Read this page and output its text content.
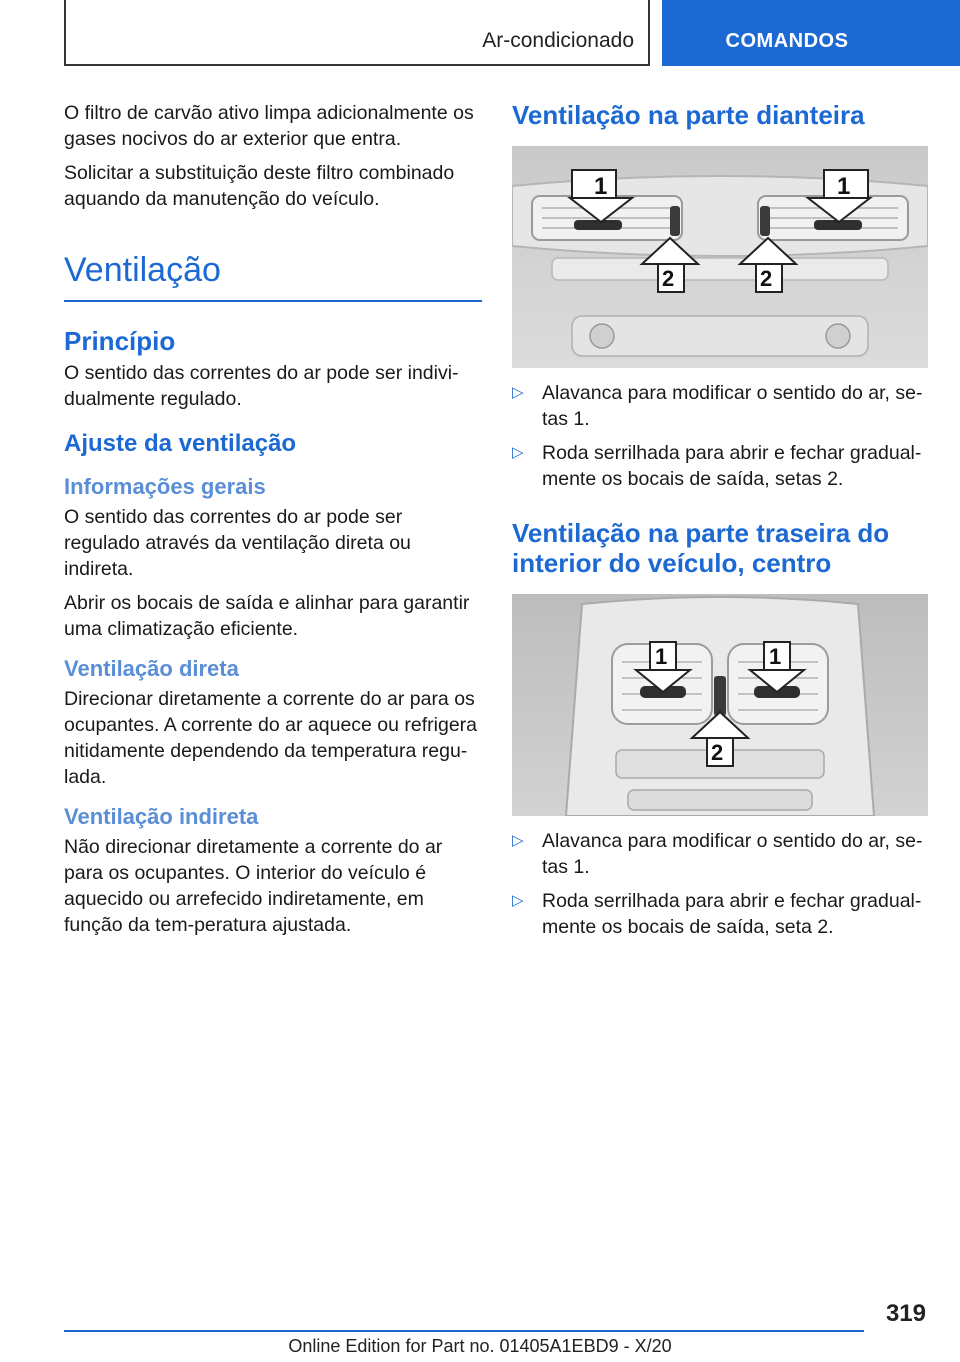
Ar-condicionado	COMANDOS

O filtro de carvão ativo limpa adicionalmente os gases nocivos do ar exterior que entra.

Solicitar a substituição deste filtro combinado aquando da manutenção do veículo.

Ventilação
Princípio

O sentido das correntes do ar pode ser indivi-dualmente regulado.

Ajuste da ventilação
Informações gerais

O sentido das correntes do ar pode ser regulado através da ventilação direta ou indireta.

Abrir os bocais de saída e alinhar para garantir uma climatização eficiente.

Ventilação direta

Direcionar diretamente a corrente do ar para os ocupantes. A corrente do ar aquece ou refrigera nitidamente dependendo da temperatura regu-lada.

Ventilação indireta

Não direcionar diretamente a corrente do ar para os ocupantes. O interior do veículo é aquecido ou arrefecido indiretamente, em função da tem-peratura ajustada.

Ventilação na parte dianteira
1	1
2	2
▷ Alavanca para modificar o sentido do ar, se-tas 1.
▷ Roda serrilhada para abrir e fechar gradual-mente os bocais de saída, setas 2.
Ventilação na parte traseira do interior do veículo, centro
1	1
2
▷ Alavanca para modificar o sentido do ar, se-tas 1.
▷ Roda serrilhada para abrir e fechar gradual-mente os bocais de saída, seta 2.
319
Online Edition for Part no. 01405A1EBD9 - X/20
